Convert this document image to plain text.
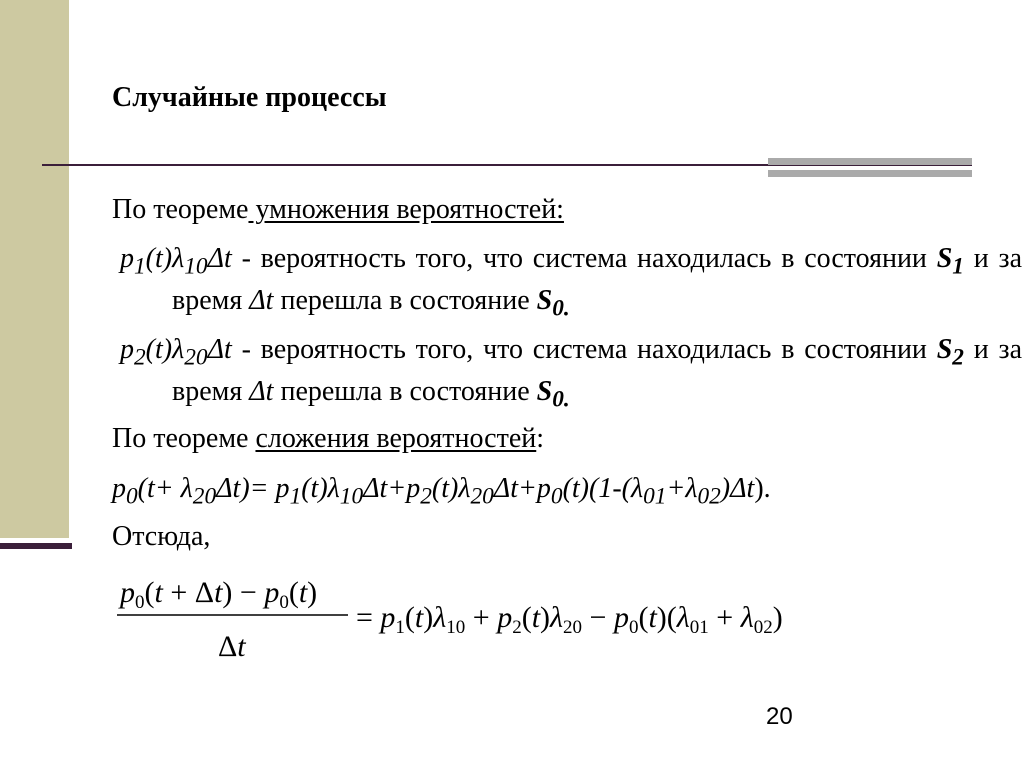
Случайные процессы
По теореме умножения вероятностей:
$p_1(t)\lambda_{10}\Delta t$ - вероятность того, что система находилась в состоянии $S_1$ и за время Δt перешла в состояние $S_{0.}$
$p_2(t)\lambda_{20}\Delta t$ - вероятность того, что система находилась в состоянии $S_2$ и за время Δt перешла в состояние $S_{0.}$
По теореме сложения вероятностей:
$p_0(t+ \lambda_{20}\Delta t)= p_1(t)\lambda_{10}\Delta t+p_2(t)\lambda_{20}\Delta t+p_0(t)(1-(\lambda_{01}+\lambda_{02})\Delta t)$.
Отсюда,
$p_0(t + \Delta t) - p_0(t)$
Δt
= $p_1(t)\lambda_{10} + p_2(t)\lambda_{20} - p_0(t)(\lambda_{01} + \lambda_{02})$
20
